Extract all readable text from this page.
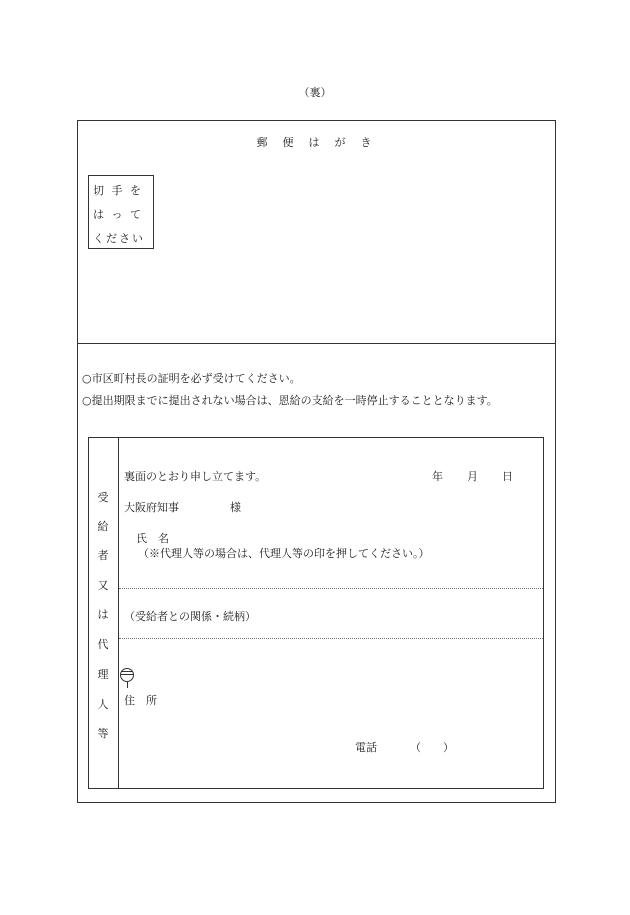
（裏）
郵　便　は　が　き
切 手 を
は っ て
ください
○市区町村長の証明を必ず受けてください。
○提出期限までに提出されない場合は、恩給の支給を一時停止することとなります。
受
給
者
又
は
代
理
人
等
裏面のとおり申し立てます。	年 月 日
大阪府知事	様
氏　名
（※代理人等の場合は、代理人等の印を押してください。）
（受給者との関係・続柄）
住　所
電話	（　　）
